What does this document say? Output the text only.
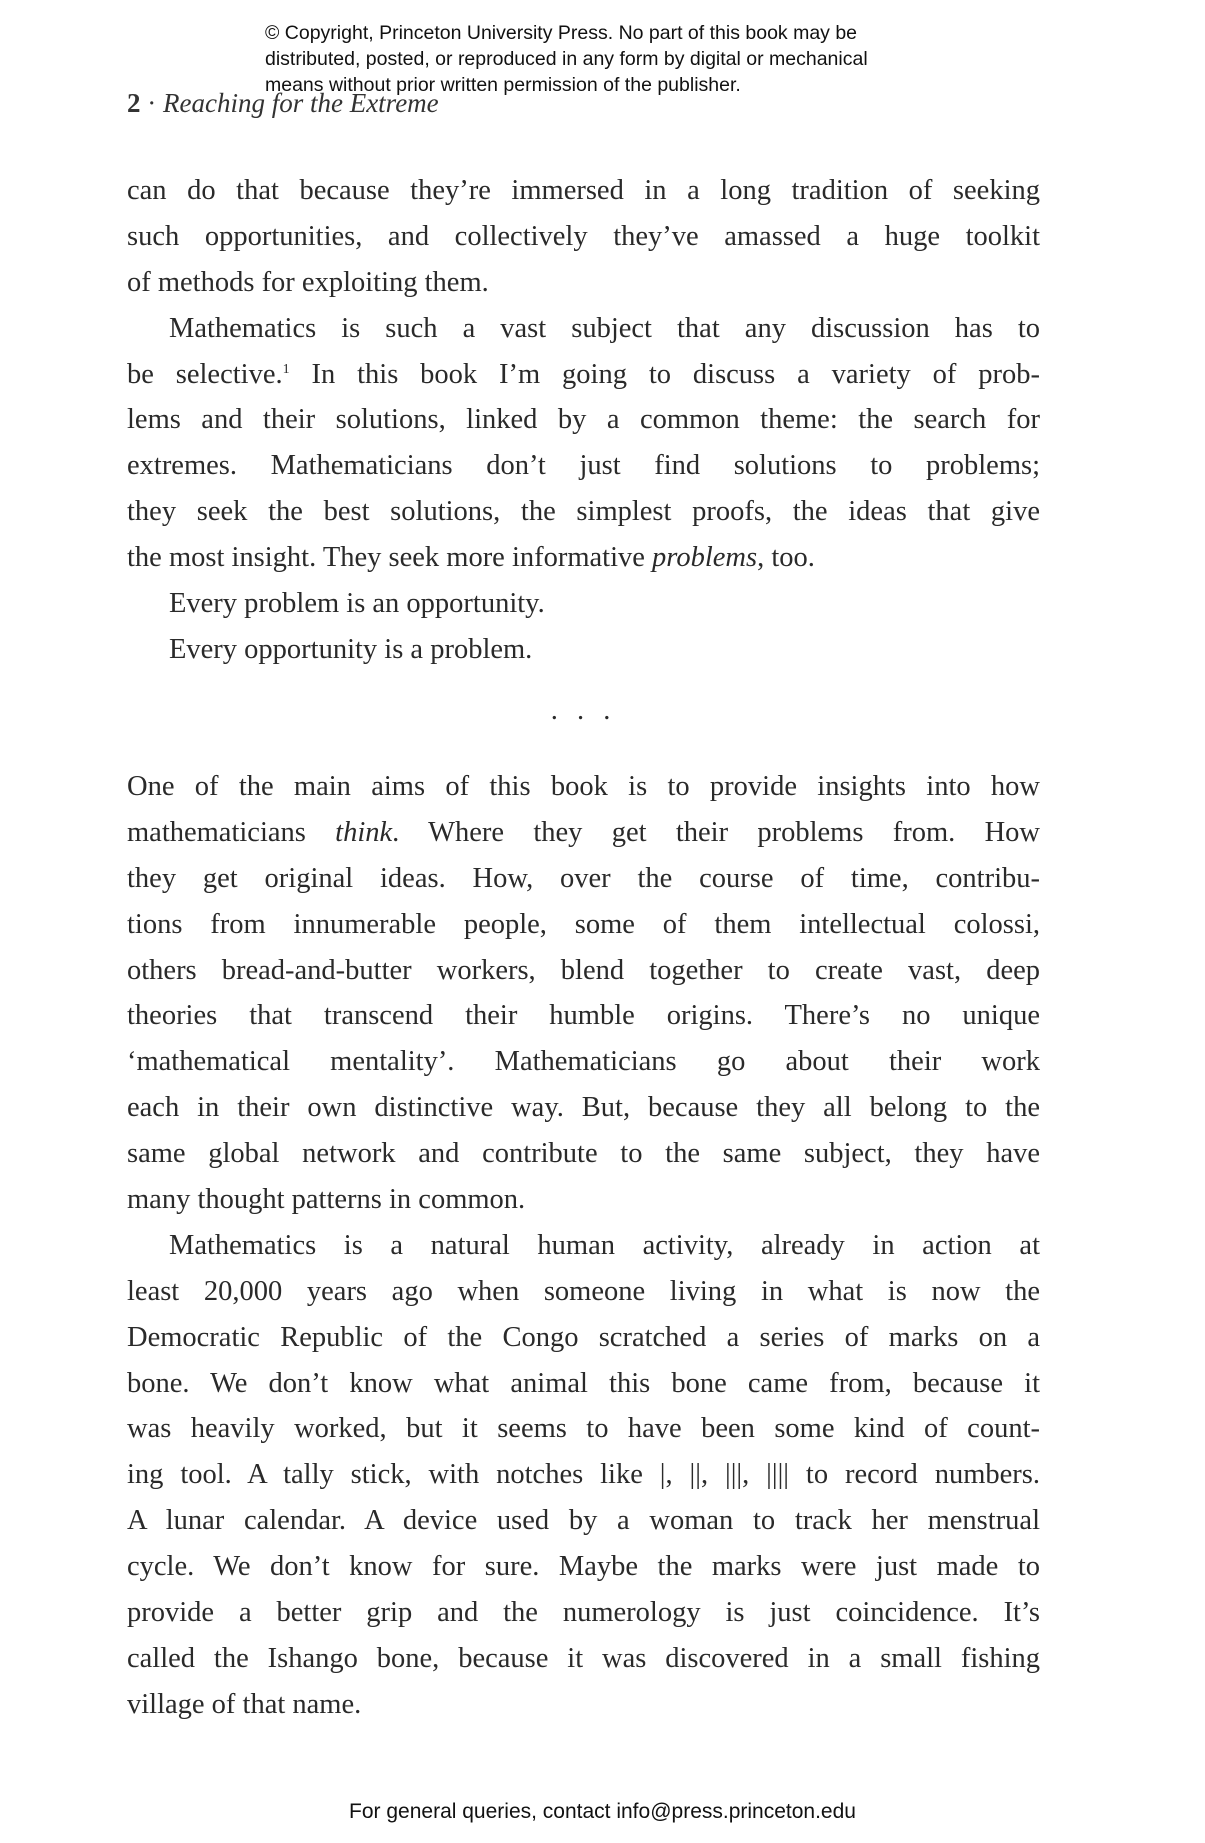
© Copyright, Princeton University Press. No part of this book may be
distributed, posted, or reproduced in any form by digital or mechanical
means without prior written permission of the publisher.
2 · Reaching for the Extreme
can do that because they’re immersed in a long tradition of seeking
such opportunities, and collectively they’ve amassed a huge toolkit
of methods for exploiting them.
Mathematics is such a vast subject that any discussion has to
be selective.$^1$ In this book I’m going to discuss a variety of prob-
lems and their solutions, linked by a common theme: the search for
extremes. Mathematicians don’t just find solutions to problems;
they seek the best solutions, the simplest proofs, the ideas that give
the most insight. They seek more informative problems, too.
Every problem is an opportunity.
Every opportunity is a problem.
. . .
One of the main aims of this book is to provide insights into how
mathematicians think. Where they get their problems from. How
they get original ideas. How, over the course of time, contribu-
tions from innumerable people, some of them intellectual colossi,
others bread-and-butter workers, blend together to create vast, deep
theories that transcend their humble origins. There’s no unique
‘mathematical mentality’. Mathematicians go about their work
each in their own distinctive way. But, because they all belong to the
same global network and contribute to the same subject, they have
many thought patterns in common.
Mathematics is a natural human activity, already in action at
least 20,000 years ago when someone living in what is now the
Democratic Republic of the Congo scratched a series of marks on a
bone. We don’t know what animal this bone came from, because it
was heavily worked, but it seems to have been some kind of count-
ing tool. A tally stick, with notches like |, ||, |||, |||| to record numbers.
A lunar calendar. A device used by a woman to track her menstrual
cycle. We don’t know for sure. Maybe the marks were just made to
provide a better grip and the numerology is just coincidence. It’s
called the Ishango bone, because it was discovered in a small fishing
village of that name.
For general queries, contact info@press.princeton.edu
